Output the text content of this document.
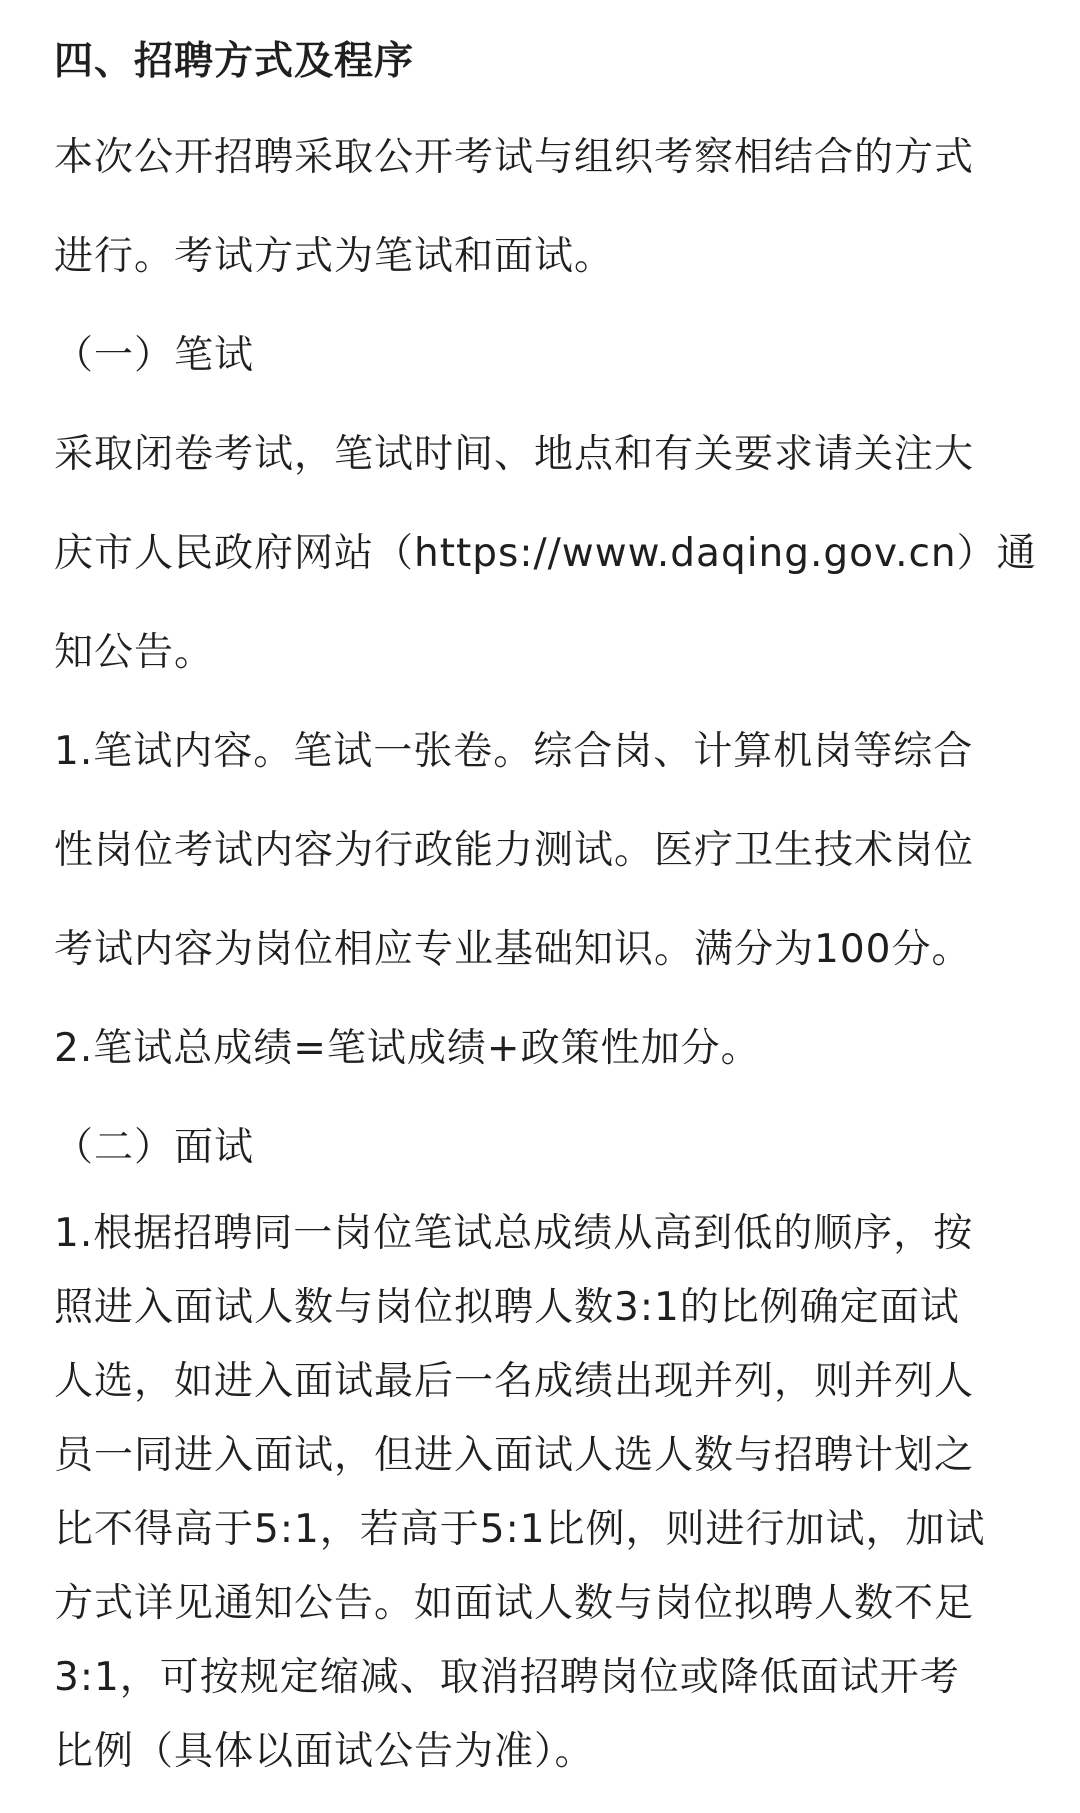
四、招聘方式及程序

本次公开招聘采取公开考试与组织考察相结合的方式

进行。考试方式为笔试和面试。

（一）笔试

采取闭卷考试，笔试时间、地点和有关要求请关注大

庆市人民政府网站（https://www.daqing.gov.cn）通

知公告。

1.笔试内容。笔试一张卷。综合岗、计算机岗等综合

性岗位考试内容为行政能力测试。医疗卫生技术岗位

考试内容为岗位相应专业基础知识。满分为100分。

2.笔试总成绩=笔试成绩+政策性加分。

（二）面试

1.根据招聘同一岗位笔试总成绩从高到低的顺序，按

照进入面试人数与岗位拟聘人数3:1的比例确定面试

人选，如进入面试最后一名成绩出现并列，则并列人

员一同进入面试，但进入面试人选人数与招聘计划之

比不得高于5:1，若高于5:1比例，则进行加试，加试

方式详见通知公告。如面试人数与岗位拟聘人数不足

3:1，可按规定缩减、取消招聘岗位或降低面试开考

比例（具体以面试公告为准）。
